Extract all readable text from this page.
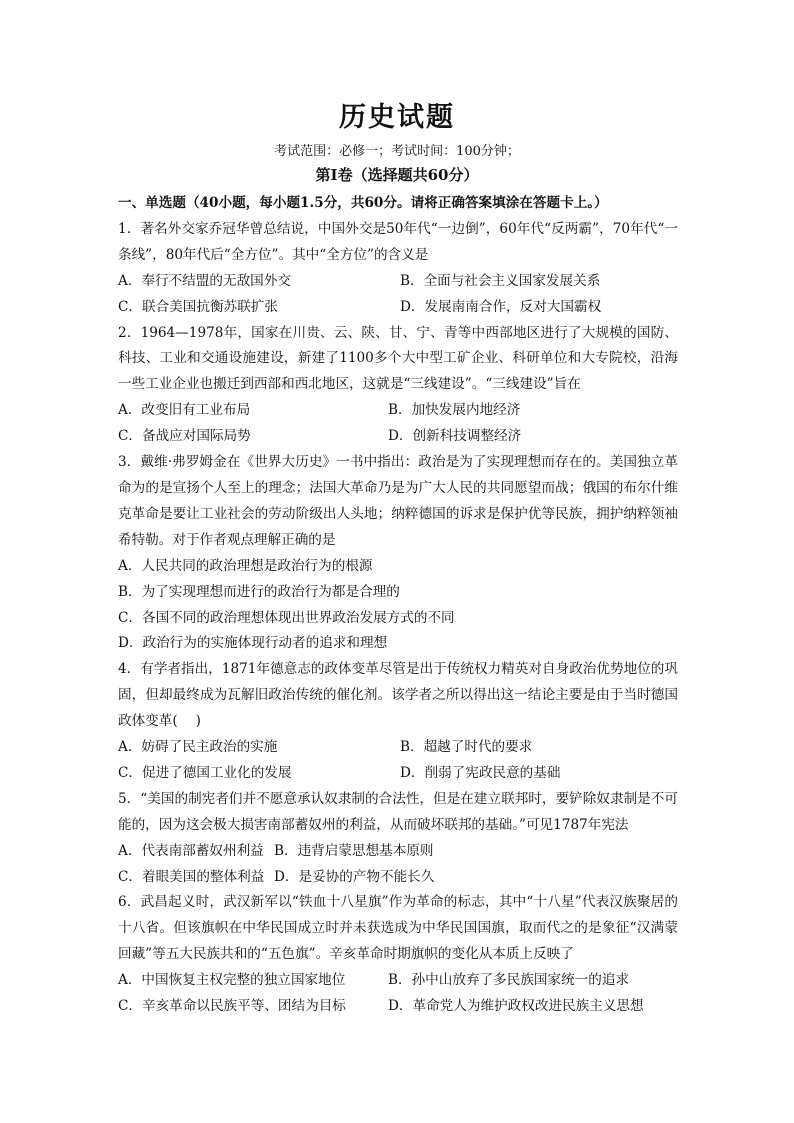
历史试题
考试范围：必修一；考试时间：100分钟；
第Ⅰ卷（选择题共60分）
一、单选题（40小题，每小题1.5分，共60分。请将正确答案填涂在答题卡上。）
1．著名外交家乔冠华曾总结说，中国外交是50年代“一边倒”，60年代“反两霸”，70年代“一条线”，80年代后“全方位”。其中“全方位”的含义是
A．奉行不结盟的无敌国外交	B．全面与社会主义国家发展关系
C．联合美国抗衡苏联扩张	D．发展南南合作，反对大国霸权
2．1964—1978年，国家在川贵、云、陕、甘、宁、青等中西部地区进行了大规模的国防、科技、工业和交通设施建设，新建了1100多个大中型工矿企业、科研单位和大专院校，沿海一些工业企业也搬迁到西部和西北地区，这就是“三线建设”。“三线建设”旨在
A．改变旧有工业布局	B．加快发展内地经济
C．备战应对国际局势	D．创新科技调整经济
3．戴维·弗罗姆金在《世界大历史》一书中指出：政治是为了实现理想而存在的。美国独立革命为的是宣扬个人至上的理念；法国大革命乃是为广大人民的共同愿望而战；俄国的布尔什维克革命是要让工业社会的劳动阶级出人头地；纳粹德国的诉求是保护优等民族，拥护纳粹领袖希特勒。对于作者观点理解正确的是
A．人民共同的政治理想是政治行为的根源
B．为了实现理想而进行的政治行为都是合理的
C．各国不同的政治理想体现出世界政治发展方式的不同
D．政治行为的实施体现行动者的追求和理想
4．有学者指出，1871年德意志的政体变革尽管是出于传统权力精英对自身政治优势地位的巩固，但却最终成为瓦解旧政治传统的催化剂。该学者之所以得出这一结论主要是由于当时德国政体变革(　 )
A．妨碍了民主政治的实施	B．超越了时代的要求
C．促进了德国工业化的发展	D．削弱了宪政民意的基础
5．“美国的制宪者们并不愿意承认奴隶制的合法性，但是在建立联邦时，要铲除奴隶制是不可能的，因为这会极大损害南部蓄奴州的利益，从而破坏联邦的基础。”可见1787年宪法
A．代表南部蓄奴州利益 B．违背启蒙思想基本原则
C．着眼美国的整体利益 D．是妥协的产物不能长久
6．武昌起义时，武汉新军以“铁血十八星旗”作为革命的标志，其中“十八星”代表汉族聚居的十八省。但该旗帜在中华民国成立时并未获选成为中华民国国旗，取而代之的是象征“汉满蒙回藏”等五大民族共和的“五色旗”。辛亥革命时期旗帜的变化从本质上反映了
A．中国恢复主权完整的独立国家地位	B．孙中山放弃了多民族国家统一的追求
C．辛亥革命以民族平等、团结为目标	D．革命党人为维护政权改进民族主义思想
